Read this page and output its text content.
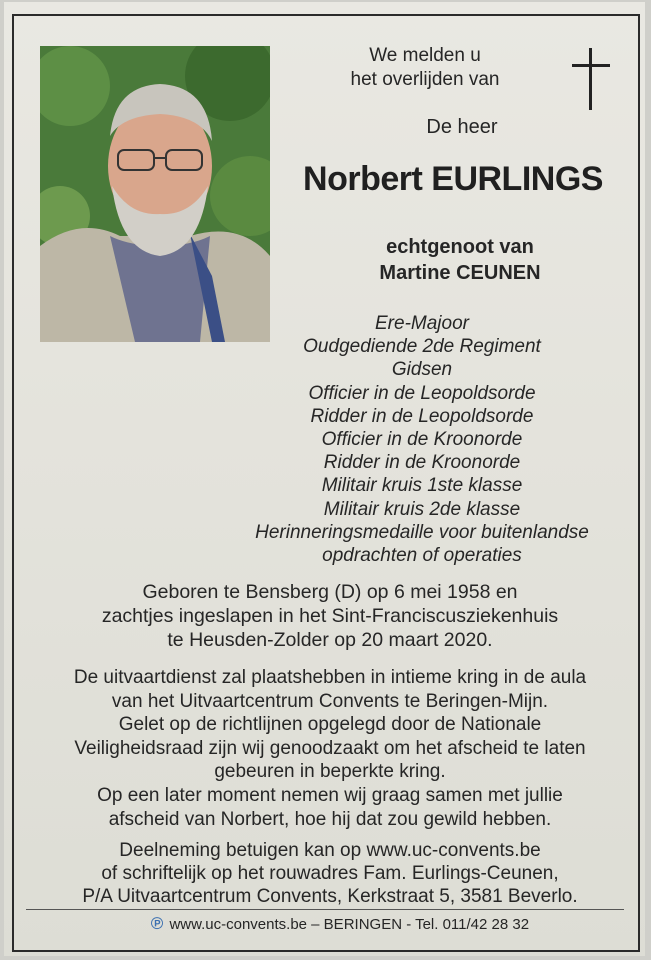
We melden u
het overlijden van
De heer
Norbert EURLINGS
echtgenoot van
Martine CEUNEN
Ere-Majoor
Oudgediende 2de Regiment
Gidsen
Officier in de Leopoldsorde
Ridder in de Leopoldsorde
Officier in de Kroonorde
Ridder in de Kroonorde
Militair kruis 1ste klasse
Militair kruis 2de klasse
Herinneringsmedaille voor buitenlandse
opdrachten of operaties
Geboren te Bensberg (D) op 6 mei 1958 en
zachtjes ingeslapen in het Sint-Franciscusziekenhuis
te Heusden-Zolder op 20 maart 2020.
De uitvaartdienst zal plaatshebben in intieme kring in de aula
van het Uitvaartcentrum Convents te Beringen-Mijn.
Gelet op de richtlijnen opgelegd door de Nationale
Veiligheidsraad zijn wij genoodzaakt om het afscheid te laten
gebeuren in beperkte kring.
Op een later moment nemen wij graag samen met jullie
afscheid van Norbert, hoe hij dat zou gewild hebben.
Deelneming betuigen kan op www.uc-convents.be
of schriftelijk op het rouwadres Fam. Eurlings-Ceunen,
P/A Uitvaartcentrum Convents, Kerkstraat 5, 3581 Beverlo.
℗ www.uc-convents.be – BERINGEN - Tel. 011/42 28 32
